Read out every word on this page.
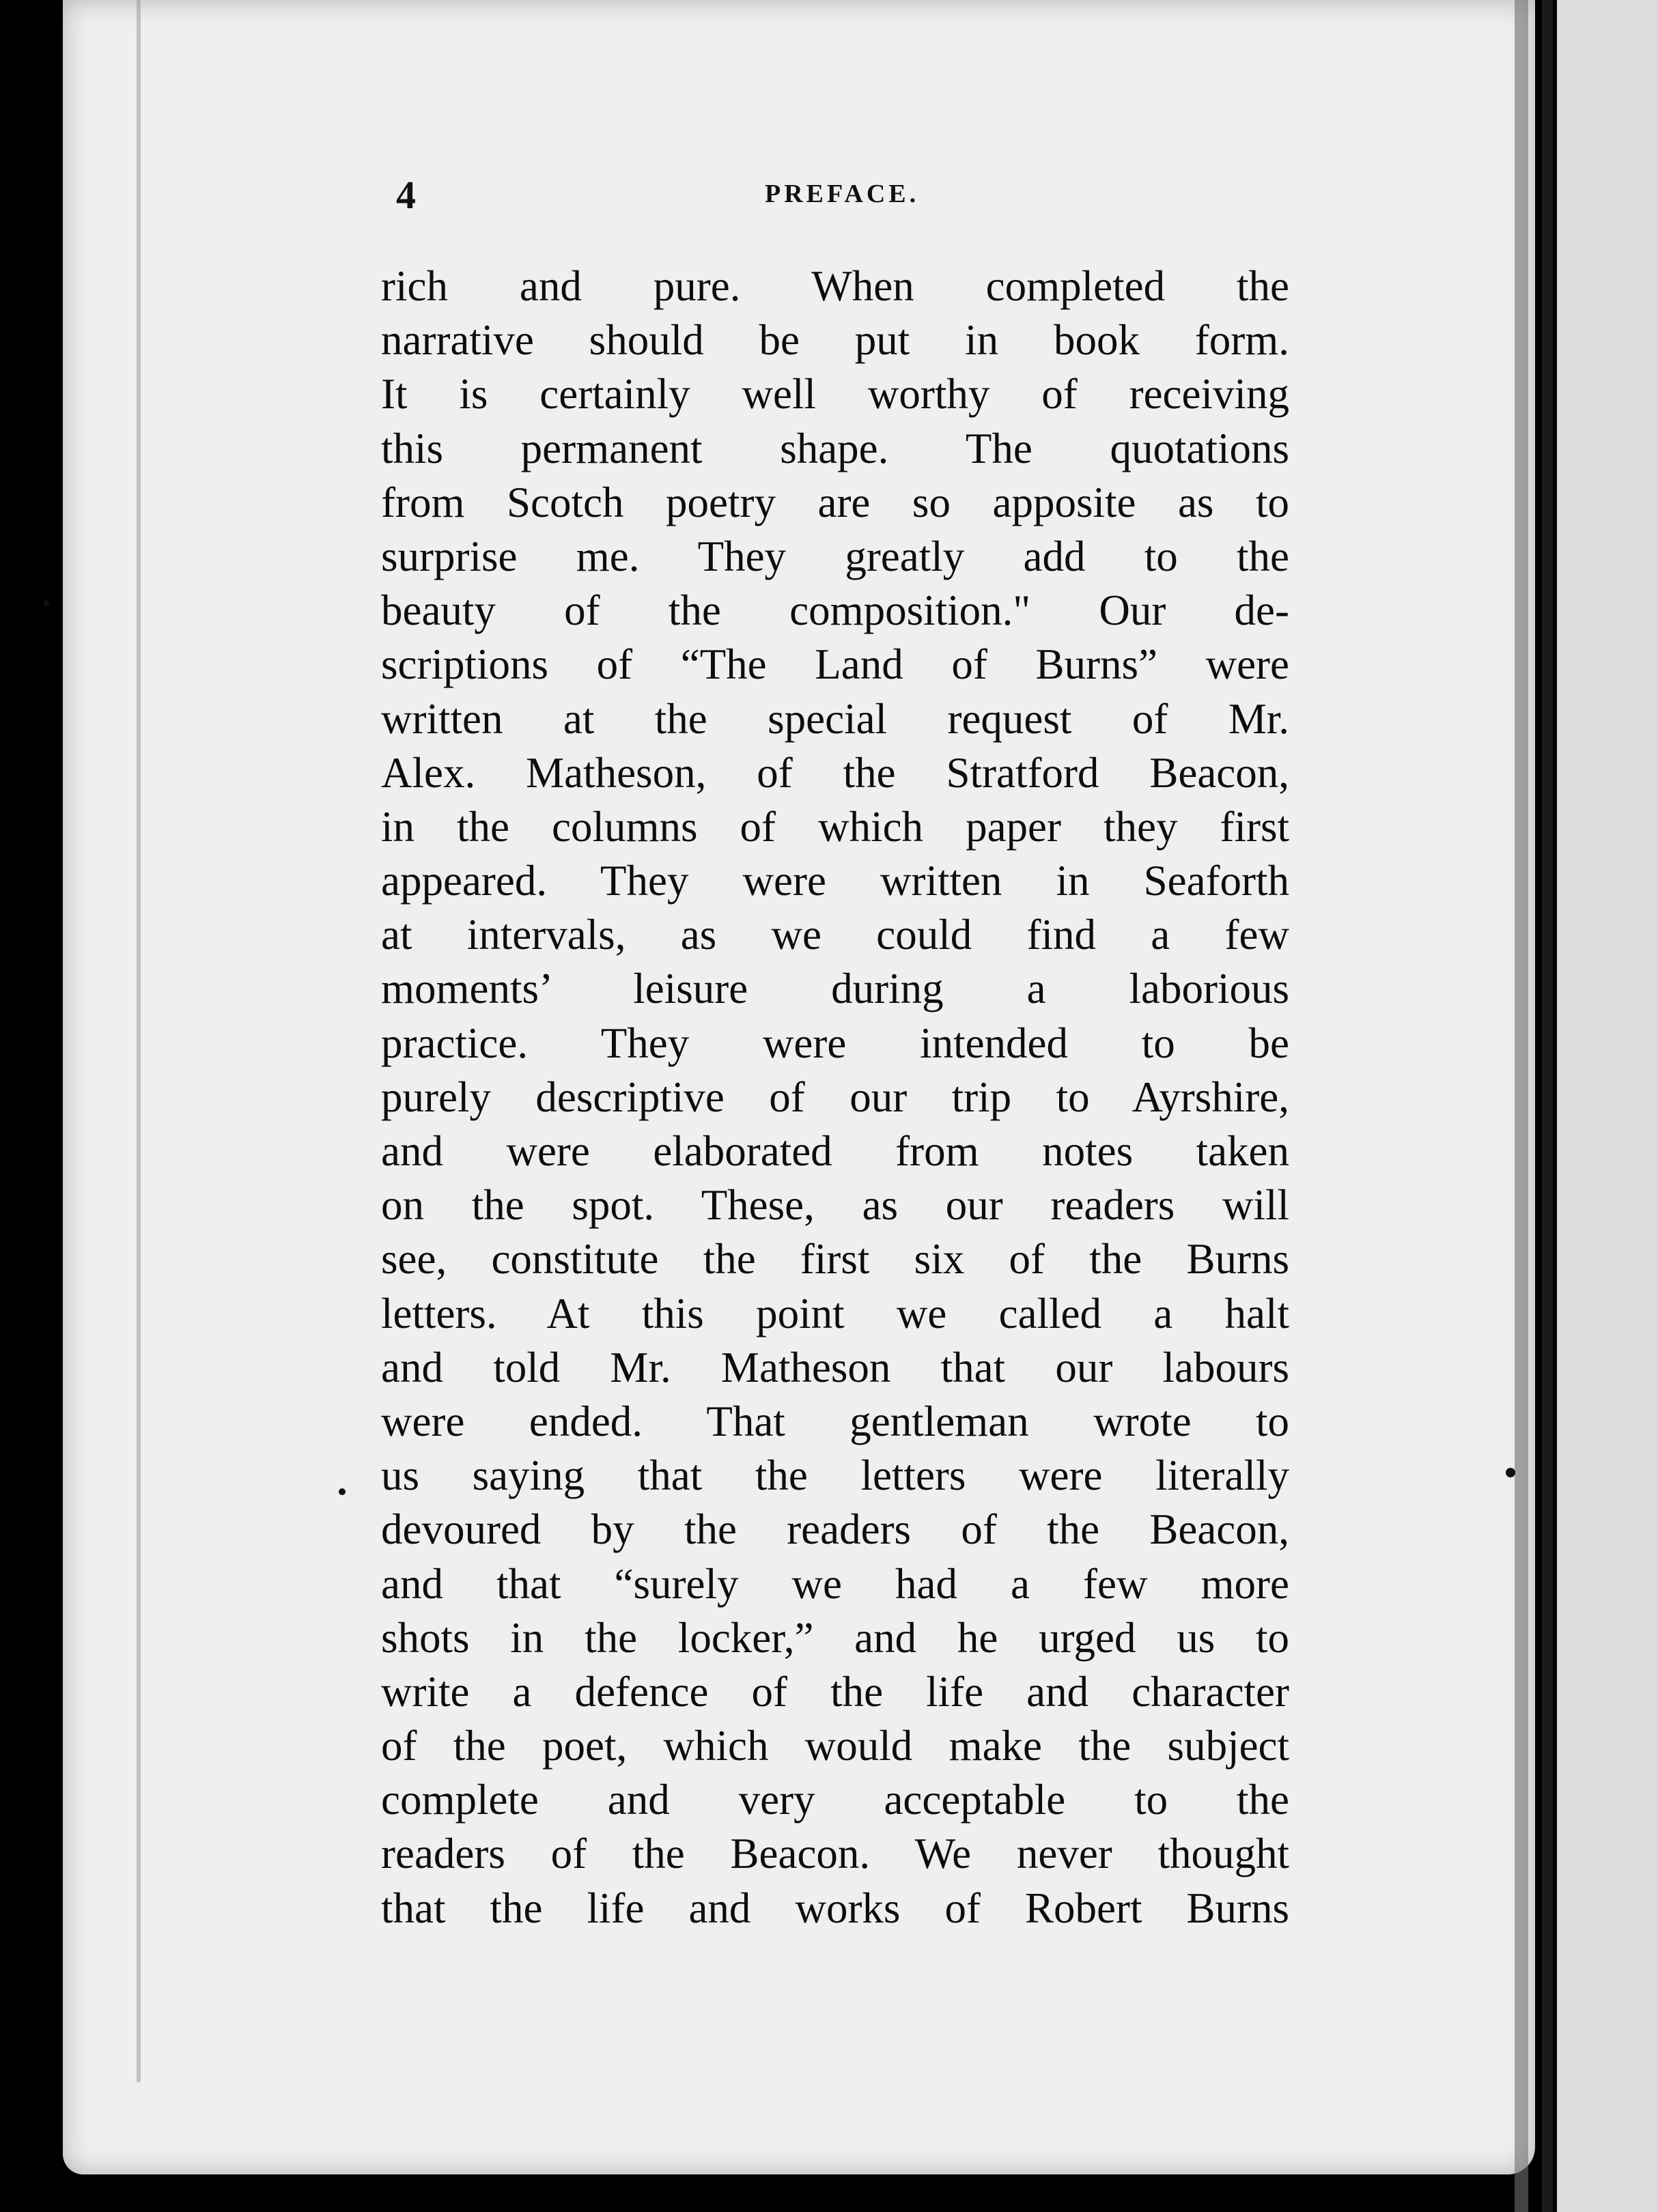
4	PREFACE.
rich and pure. When completed the
narrative should be put in book form.
It is certainly well worthy of receiving
this permanent shape. The quotations
from Scotch poetry are so apposite as to
surprise me. They greatly add to the
beauty of the composition." Our de-
scriptions of “The Land of Burns” were
written at the special request of Mr.
Alex. Matheson, of the Stratford Beacon,
in the columns of which paper they first
appeared. They were written in Seaforth
at intervals, as we could find a few
moments’ leisure during a laborious
practice. They were intended to be
purely descriptive of our trip to Ayrshire,
and were elaborated from notes taken
on the spot. These, as our readers will
see, constitute the first six of the Burns
letters. At this point we called a halt
and told Mr. Matheson that our labours
were ended. That gentleman wrote to
us saying that the letters were literally
devoured by the readers of the Beacon,
and that “surely we had a few more
shots in the locker,” and he urged us to
write a defence of the life and character
of the poet, which would make the subject
complete and very acceptable to the
readers of the Beacon. We never thought
that the life and works of Robert Burns
